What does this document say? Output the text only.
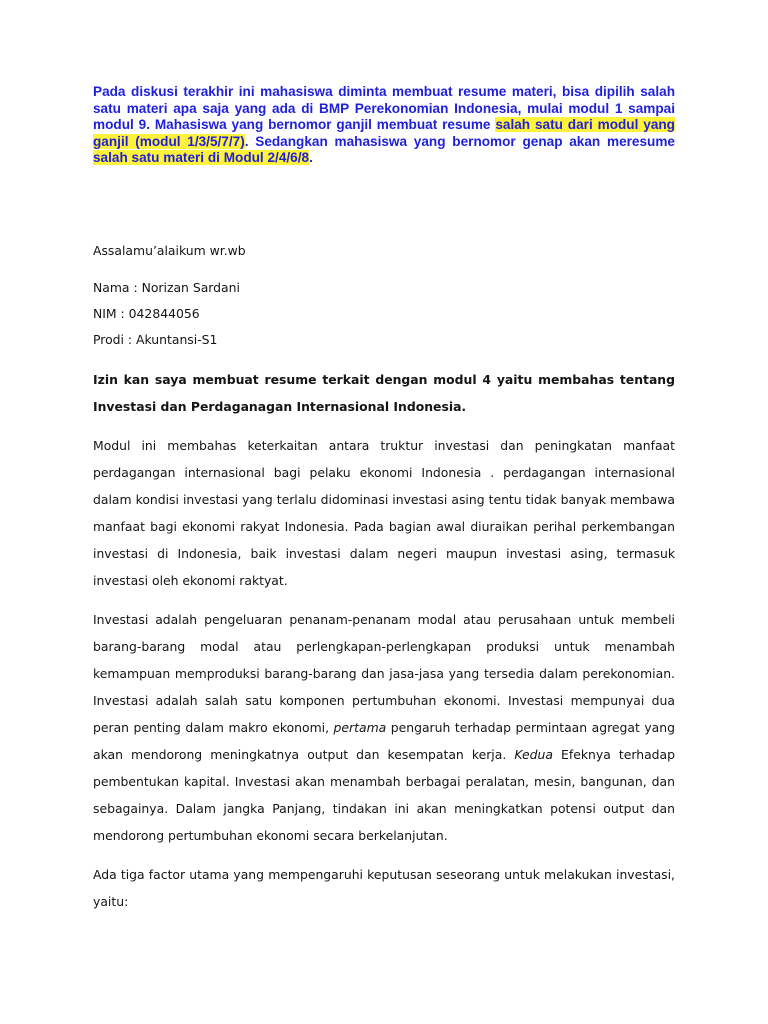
Pada diskusi terakhir ini mahasiswa diminta membuat resume materi, bisa dipilih salah satu materi apa saja yang ada di BMP Perekonomian Indonesia, mulai modul 1 sampai modul 9. Mahasiswa yang bernomor ganjil membuat resume salah satu dari modul yang ganjil (modul 1/3/5/7/7). Sedangkan mahasiswa yang bernomor genap akan meresume salah satu materi di Modul 2/4/6/8.

Assalamu’alaikum wr.wb

Nama : Norizan Sardani

NIM : 042844056

Prodi : Akuntansi-S1

Izin kan saya membuat resume terkait dengan modul 4 yaitu membahas tentang Investasi dan Perdaganagan Internasional Indonesia.

Modul ini membahas keterkaitan antara truktur investasi dan peningkatan manfaat perdagangan internasional bagi pelaku ekonomi Indonesia . perdagangan internasional dalam kondisi investasi yang terlalu didominasi investasi asing tentu tidak banyak membawa manfaat bagi ekonomi rakyat Indonesia. Pada bagian awal diuraikan perihal perkembangan investasi di Indonesia, baik investasi dalam negeri maupun investasi asing, termasuk investasi oleh ekonomi raktyat.

Investasi adalah pengeluaran penanam-penanam modal atau perusahaan untuk membeli barang-barang modal atau perlengkapan-perlengkapan produksi untuk menambah kemampuan memproduksi barang-barang dan jasa-jasa yang tersedia dalam perekonomian. Investasi adalah salah satu komponen pertumbuhan ekonomi. Investasi mempunyai dua peran penting dalam makro ekonomi, pertama pengaruh terhadap permintaan agregat yang akan mendorong meningkatnya output dan kesempatan kerja. Kedua Efeknya terhadap pembentukan kapital. Investasi akan menambah berbagai peralatan, mesin, bangunan, dan sebagainya. Dalam jangka Panjang, tindakan ini akan meningkatkan potensi output dan mendorong pertumbuhan ekonomi secara berkelanjutan.

Ada tiga factor utama yang mempengaruhi keputusan seseorang untuk melakukan investasi, yaitu:
